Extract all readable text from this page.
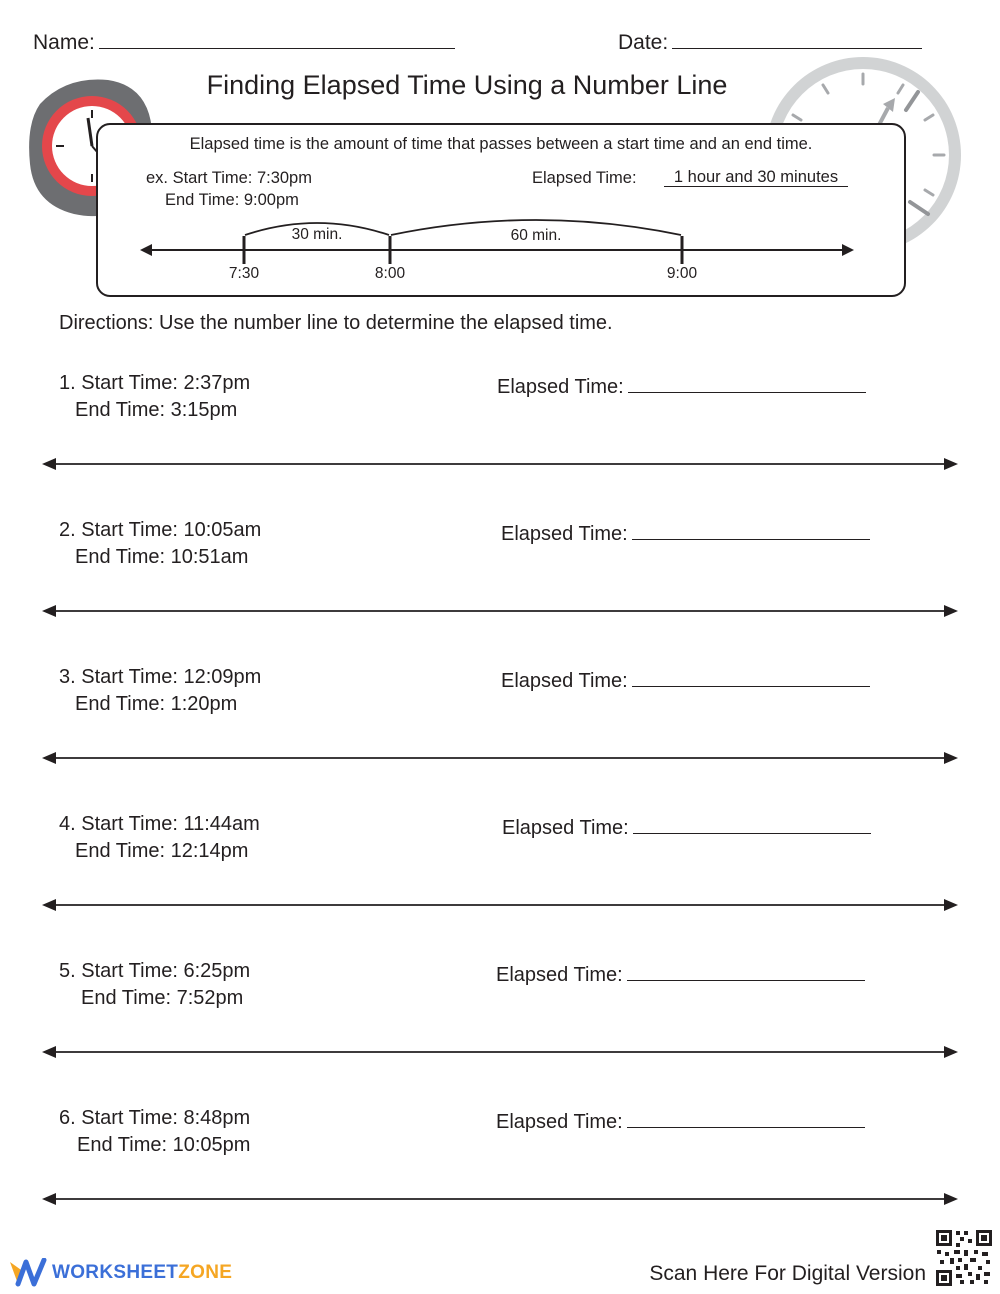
Name:	Date:
Finding Elapsed Time Using a Number Line
Elapsed time is the amount of time that passes between a start time and an end time.
ex. Start Time: 7:30pm
End Time: 9:00pm
Elapsed Time:	1 hour and 30 minutes
30 min.	60 min.
7:30	8:00	9:00
Directions: Use the number line to determine the elapsed time.
1. Start Time: 2:37pm
End Time: 3:15pm
Elapsed Time:
2. Start Time: 10:05am
End Time: 10:51am
Elapsed Time:
3. Start Time: 12:09pm
End Time: 1:20pm
Elapsed Time:
4. Start Time: 11:44am
End Time: 12:14pm
Elapsed Time:
5. Start Time: 6:25pm
End Time: 7:52pm
Elapsed Time:
6. Start Time: 8:48pm
End Time: 10:05pm
Elapsed Time:
WORKSHEET ZONE	Scan Here For Digital Version
